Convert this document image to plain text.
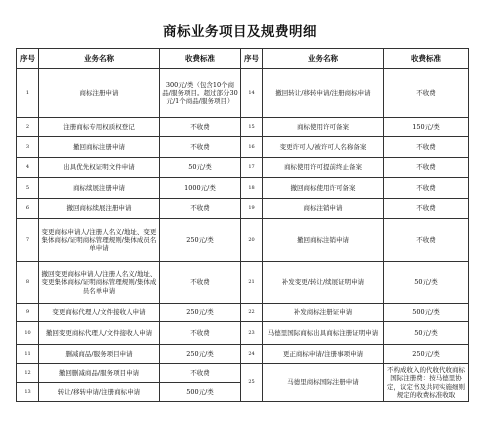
商标业务项目及规费明细
序号	业务名称	收费标准	序号	业务名称	收费标准
1	商标注册申请	300元/类（包含10个商品/服务项目。超过部分30元/1个商品/服务项目）	14	撤回转让/移转申请/注册商标申请	不收费
2	注册商标专用权质权登记	不收费	15	商标使用许可备案	150元/类
3	撤回商标注册申请	不收费	16	变更许可人/被许可人名称备案	不收费
4	出具优先权证明文件申请	50元/类	17	商标使用许可提前终止备案	不收费
5	商标续展注册申请	1000元/类	18	撤回商标使用许可备案	不收费
6	撤回商标续展注册申请	不收费	19	商标注销申请	不收费
7	变更商标申请人/注册人名义/地址、变更集体商标/证明商标管理规则/集体成员名单申请	250元/类	20	撤回商标注销申请	不收费
8	撤回变更商标申请人/注册人名义/地址、变更集体商标/证明商标管理规则/集体成员名单申请	不收费	21	补发变更/转让/续展证明申请	50元/类
9	变更商标代理人/文件接收人申请	250元/类	22	补发商标注册证申请	500元/类
10	撤回变更商标代理人/文件接收人申请	不收费	23	马德里国际商标出具商标注册证明申请	50元/类
11	删减商品/服务项目申请	250元/类	24	更正商标申请/注册事项申请	250元/类
12	撤回删减商品/服务项目申请	不收费	25	马德里商标国际注册申请	不构成收入的代收代收商标国际注册费：按马德里协定，议定书及共同实施细则规定的收费标准收取
13	转让/移转申请/注册商标申请	500元/类			
